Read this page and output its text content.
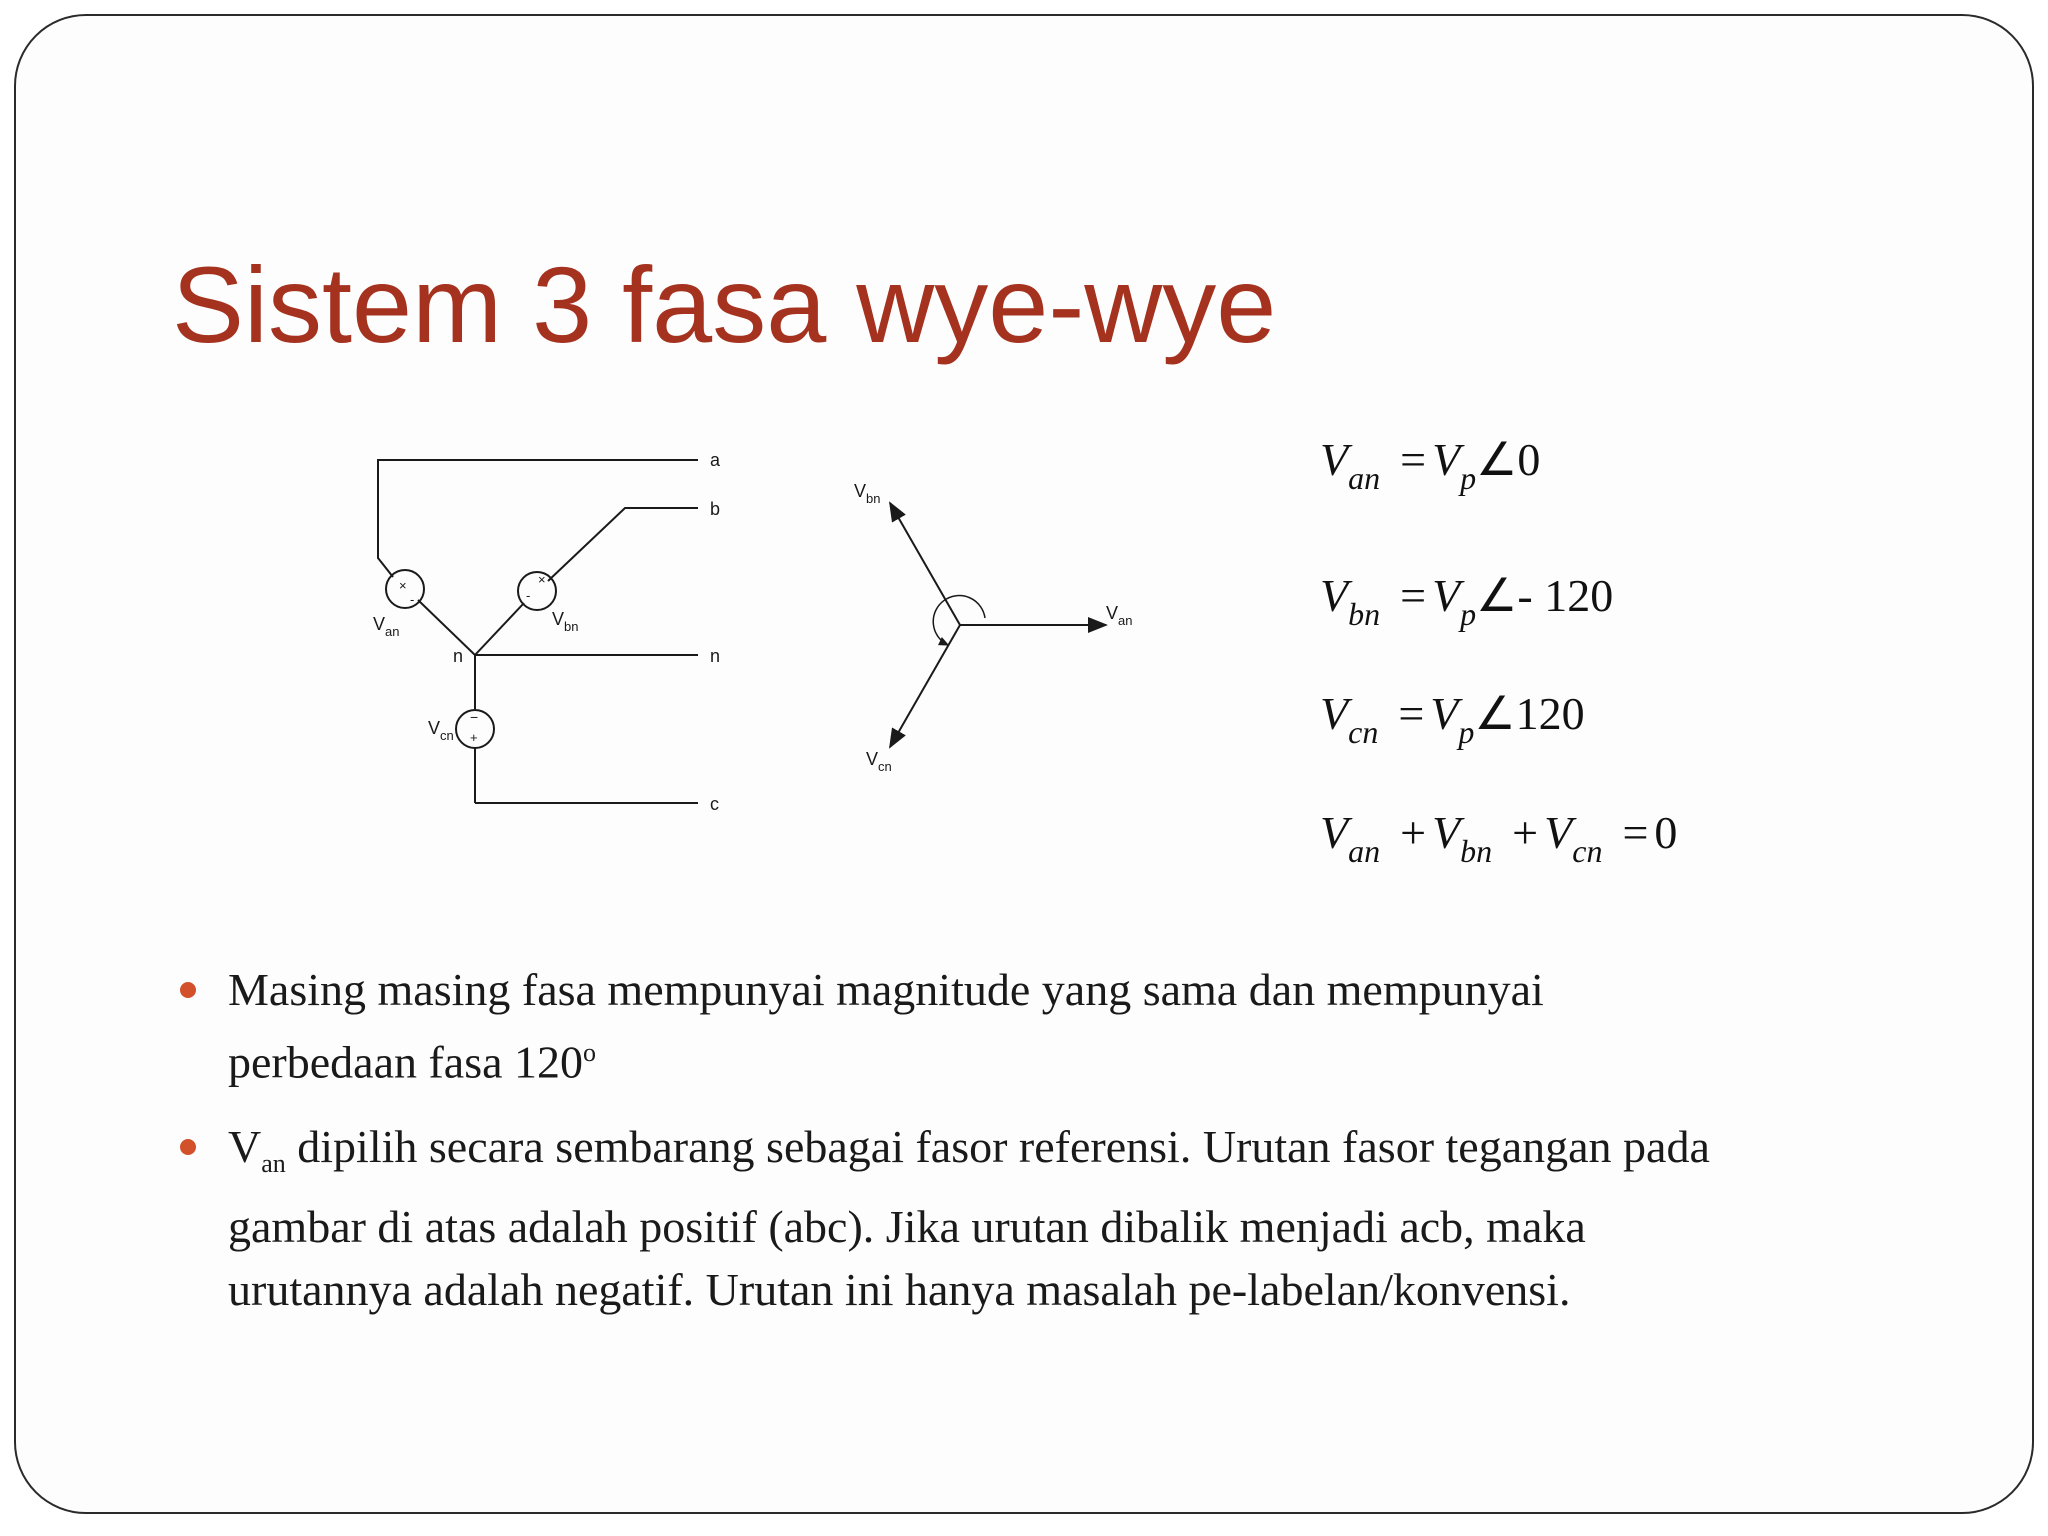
Sistem 3 fasa wye-wye
×
-
×
-
−
+
a
b
n
c
n
$V_{an}$
$V_{bn}$
$V_{cn}$
$V_{bn}$
$V_{an}$
$V_{cn}$
$V_{an}$ = $V_p\angle 0$
$V_{bn}$ = $V_p\angle-$ 120
$V_{cn}$ = $V_p\angle 120$
$V_{an} + V_{bn} + V_{cn} = 0$
Masing masing fasa mempunyai magnitude yang sama dan mempunyai perbedaan fasa 120$^o$
$V_{an}$ dipilih secara sembarang sebagai fasor referensi. Urutan fasor tegangan pada gambar di atas adalah positif (abc). Jika urutan dibalik menjadi acb, maka urutannya adalah negatif. Urutan ini hanya masalah pe-labelan/konvensi.
